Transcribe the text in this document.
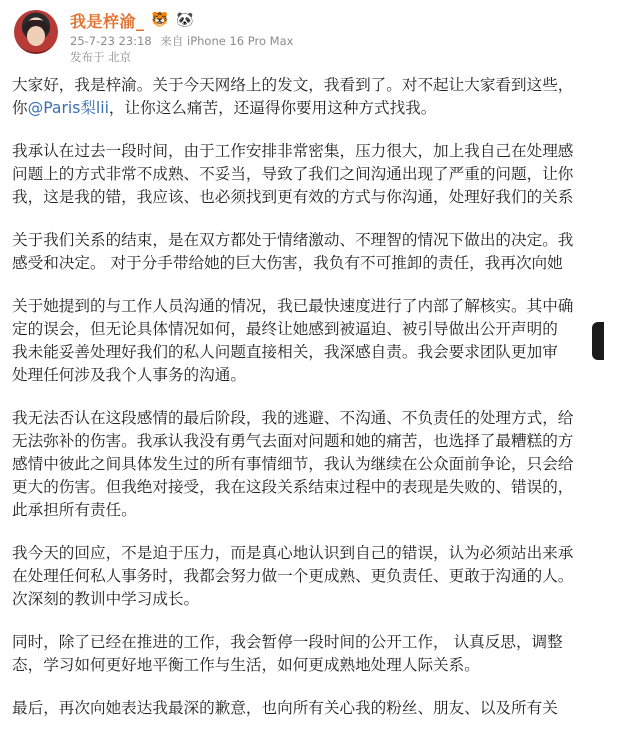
我是梓渝_ 🐯 🐼
25-7-23 23:18 来自 iPhone 16 Pro Max
发布于 北京

大家好，我是梓渝。关于今天网络上的发文，我看到了。对不起让大家看到这些，
你@Paris梨lii，让你这么痛苦，还逼得你要用这种方式找我。

我承认在过去一段时间，由于工作安排非常密集，压力很大，加上我自己在处理感
问题上的方式非常不成熟、不妥当，导致了我们之间沟通出现了严重的问题，让你
我，这是我的错，我应该、也必须找到更有效的方式与你沟通，处理好我们的关系

关于我们关系的结束，是在双方都处于情绪激动、不理智的情况下做出的决定。我
感受和决定。 对于分手带给她的巨大伤害，我负有不可推卸的责任，我再次向她

关于她提到的与工作人员沟通的情况，我已最快速度进行了内部了解核实。其中确
定的误会，但无论具体情况如何，最终让她感到被逼迫、被引导做出公开声明的
我未能妥善处理好我们的私人问题直接相关，我深感自责。我会要求团队更加审
处理任何涉及我个人事务的沟通。

我无法否认在这段感情的最后阶段，我的逃避、不沟通、不负责任的处理方式，给
无法弥补的伤害。我承认我没有勇气去面对问题和她的痛苦，也选择了最糟糕的方
感情中彼此之间具体发生过的所有事情细节，我认为继续在公众面前争论，只会给
更大的伤害。但我绝对接受，我在这段关系结束过程中的表现是失败的、错误的，
此承担所有责任。

我今天的回应，不是迫于压力，而是真心地认识到自己的错误，认为必须站出来承
在处理任何私人事务时，我都会努力做一个更成熟、更负责任、更敢于沟通的人。
次深刻的教训中学习成长。

同时，除了已经在推进的工作，我会暂停一段时间的公开工作， 认真反思，调整
态，学习如何更好地平衡工作与生活，如何更成熟地处理人际关系。

最后，再次向她表达我最深的歉意，也向所有关心我的粉丝、朋友、以及所有关
